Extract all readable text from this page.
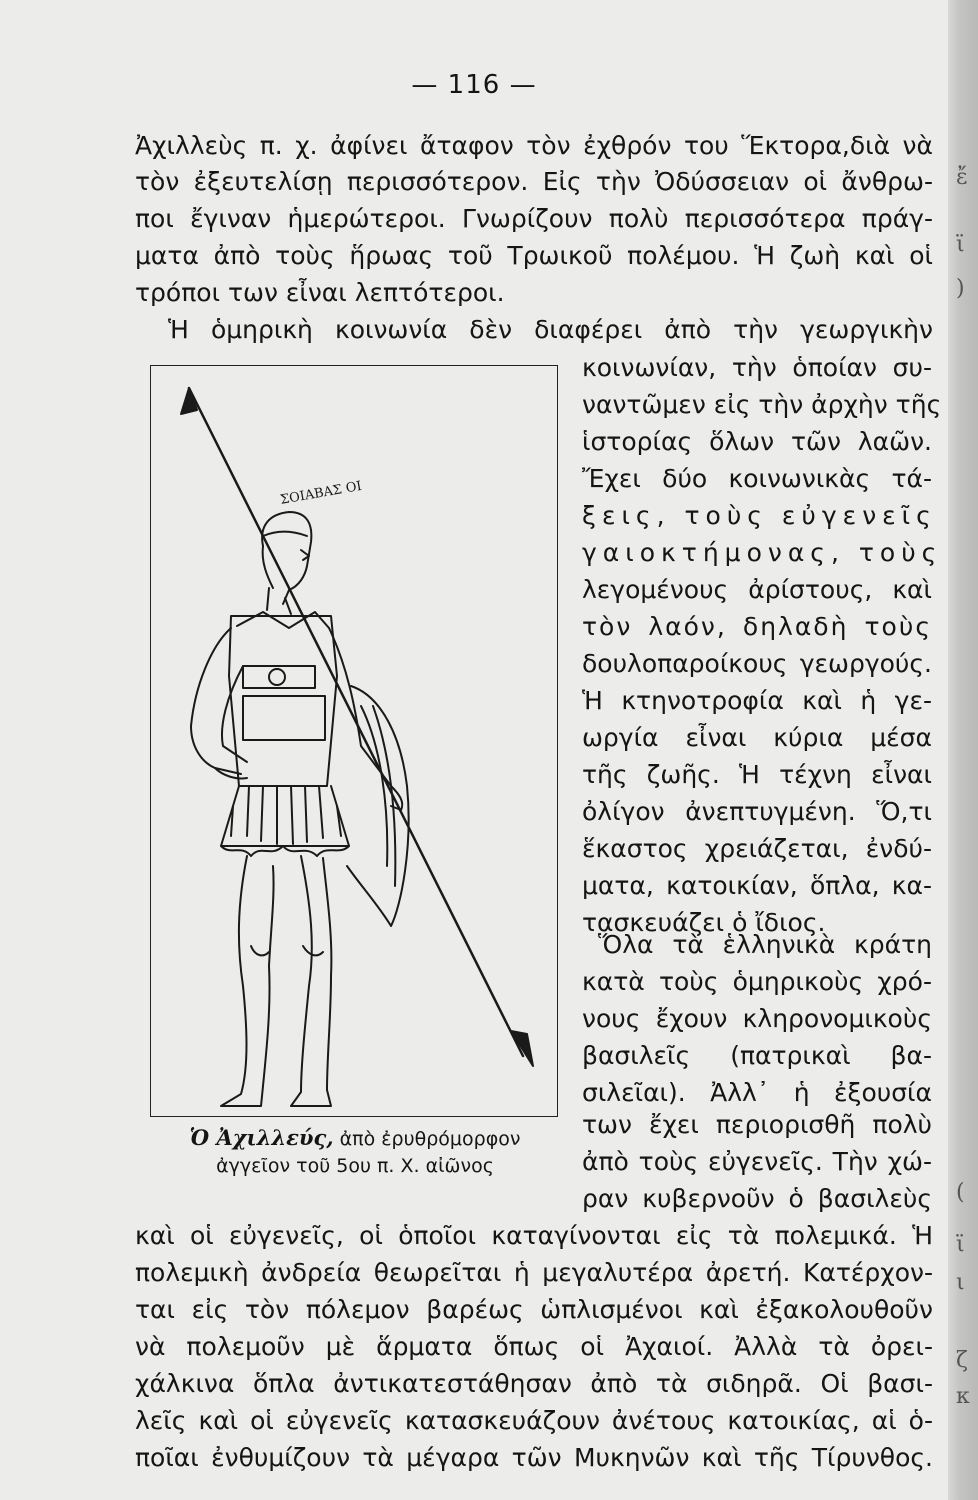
— 116 —
Ἀχιλλεὺς π. χ. ἀφίνει ἄταφον τὸν ἐχθρόν του Ἕκτορα,διὰ νὰ
τὸν ἐξευτελίσῃ περισσότερον. Εἰς τὴν Ὀδύσσειαν οἱ ἄνθρω-
ποι ἔγιναν ἡμερώτεροι. Γνωρίζουν πολὺ περισσότερα πράγ-
ματα ἀπὸ τοὺς ἥρωας τοῦ Τρωικοῦ πολέμου. Ἡ ζωὴ καὶ οἱ
τρόποι των εἶναι λεπτότεροι.
Ἡ ὁμηρικὴ κοινωνία δὲν διαφέρει ἀπὸ τὴν γεωργικὴν
κοινωνίαν, τὴν ὁποίαν συ-
ναντῶμεν εἰς τὴν ἀρχὴν τῆς
ἱστορίας ὅλων τῶν λαῶν.
Ἔχει δύο κοινωνικὰς τά-
ξεις, τοὺς εὐγενεῖς
γαιοκτήμονας, τοὺς
λεγομένους ἀρίστους, καὶ
τὸν λαόν, δηλαδὴ τοὺς
δουλοπαροίκους γεωργούς.
Ἡ κτηνοτροφία καὶ ἡ γε-
ωργία εἶναι κύρια μέσα
τῆς ζωῆς. Ἡ τέχνη εἶναι
ὀλίγον ἀνεπτυγμένη. Ὅ,τι
ἕκαστος χρειάζεται, ἐνδύ-
ματα, κατοικίαν, ὅπλα, κα-
τασκευάζει ὁ ἴδιος.
Ὅλα τὰ ἑλληνικὰ κράτη
κατὰ τοὺς ὁμηρικοὺς χρό-
νους ἔχουν κληρονομικοὺς
βασιλεῖς (πατρικαὶ βα-
σιλεῖαι). Ἀλλ᾽ ἡ ἐξουσία
των ἔχει περιορισθῆ πολὺ
ἀπὸ τοὺς εὐγενεῖς. Τὴν χώ-
ραν κυβερνοῦν ὁ βασιλεὺς
καὶ οἱ εὐγενεῖς, οἱ ὁποῖοι καταγίνονται εἰς τὰ πολεμικά. Ἡ
πολεμικὴ ἀνδρεία θεωρεῖται ἡ μεγαλυτέρα ἀρετή. Κατέρχον-
ται εἰς τὸν πόλεμον βαρέως ὡπλισμένοι καὶ ἐξακολουθοῦν
νὰ πολεμοῦν μὲ ἅρματα ὅπως οἱ Ἀχαιοί. Ἀλλὰ τὰ ὀρει-
χάλκινα ὅπλα ἀντικατεστάθησαν ἀπὸ τὰ σιδηρᾶ. Οἱ βασι-
λεῖς καὶ οἱ εὐγενεῖς κατασκευάζουν ἀνέτους κατοικίας, αἱ ὁ-
ποῖαι ἐνθυμίζουν τὰ μέγαρα τῶν Μυκηνῶν καὶ τῆς Τίρυνθος.
ΣΟΙΑΒΑΣ ΟΙ
Ὁ Ἀχιλλεύς, ἀπὸ ἐρυθρόμορφον
ἀγγεῖον τοῦ 5ου π. Χ. αἰῶνος
ἔ
ϊ
)
(
ϊ
ι
ζ
κ
